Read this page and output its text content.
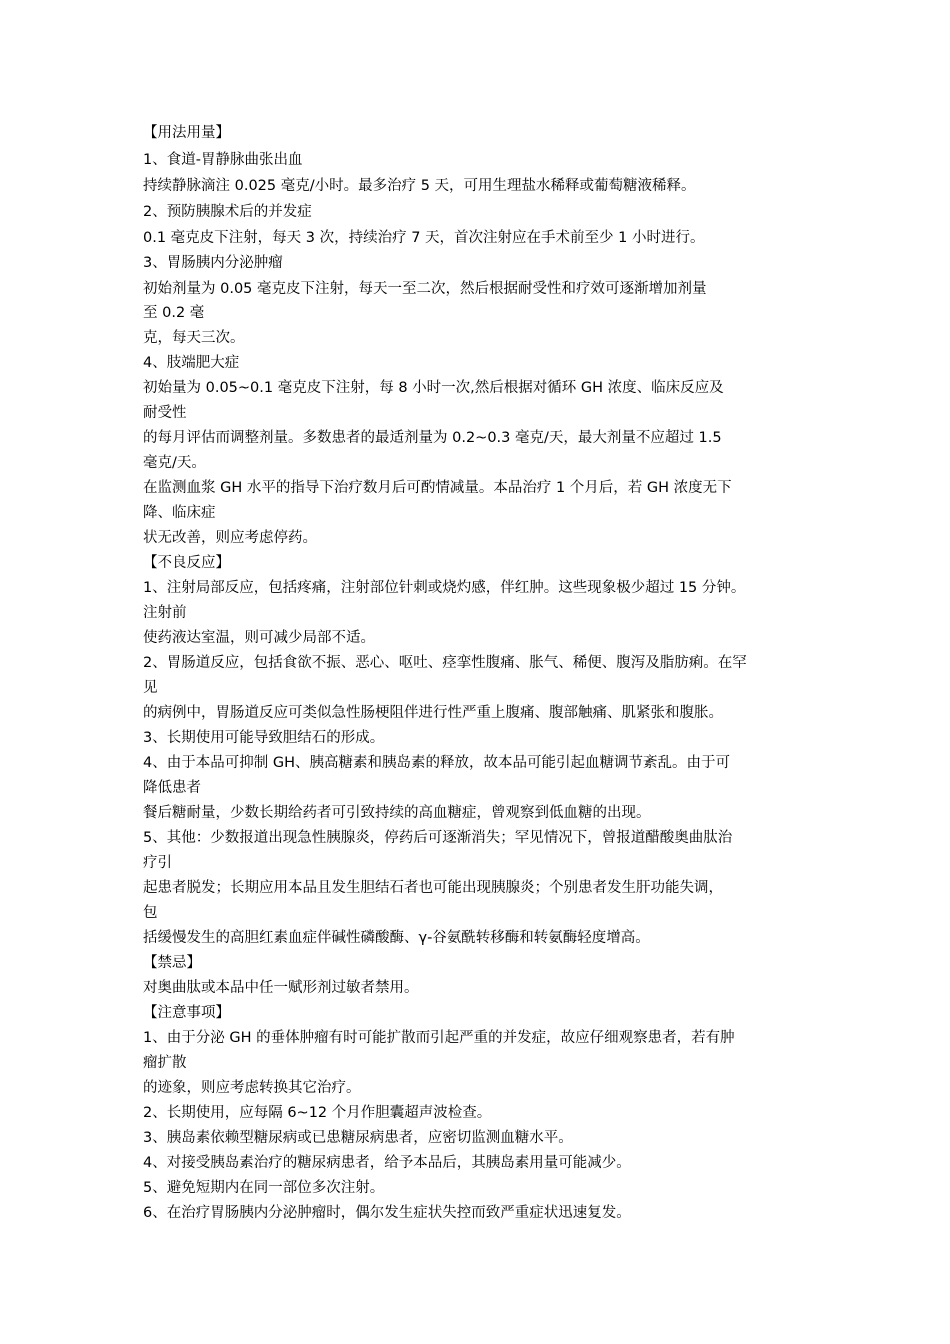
【用法用量】
1、食道-胃静脉曲张出血
持续静脉滴注 0.025 毫克/小时。最多治疗 5 天，可用生理盐水稀释或葡萄糖液稀释。
2、预防胰腺术后的并发症
0.1 毫克皮下注射，每天 3 次，持续治疗 7 天，首次注射应在手术前至少 1 小时进行。
3、胃肠胰内分泌肿瘤
初始剂量为 0.05 毫克皮下注射，每天一至二次，然后根据耐受性和疗效可逐渐增加剂量
至 0.2 毫
克，每天三次。
4、肢端肥大症
初始量为 0.05~0.1 毫克皮下注射，每 8 小时一次,然后根据对循环 GH 浓度、临床反应及
耐受性
的每月评估而调整剂量。多数患者的最适剂量为 0.2~0.3 毫克/天，最大剂量不应超过 1.5
毫克/天。
在监测血浆 GH 水平的指导下治疗数月后可酌情减量。本品治疗 1 个月后，若 GH 浓度无下
降、临床症
状无改善，则应考虑停药。
【不良反应】
1、注射局部反应，包括疼痛，注射部位针刺或烧灼感，伴红肿。这些现象极少超过 15 分钟。
注射前
使药液达室温，则可减少局部不适。
2、胃肠道反应，包括食欲不振、恶心、呕吐、痉挛性腹痛、胀气、稀便、腹泻及脂肪痢。在罕
见
的病例中，胃肠道反应可类似急性肠梗阻伴进行性严重上腹痛、腹部触痛、肌紧张和腹胀。
3、长期使用可能导致胆结石的形成。
4、由于本品可抑制 GH、胰高糖素和胰岛素的释放，故本品可能引起血糖调节紊乱。由于可
降低患者
餐后糖耐量，少数长期给药者可引致持续的高血糖症，曾观察到低血糖的出现。
5、其他：少数报道出现急性胰腺炎，停药后可逐渐消失；罕见情况下，曾报道醋酸奥曲肽治
疗引
起患者脱发；长期应用本品且发生胆结石者也可能出现胰腺炎；个别患者发生肝功能失调，
包
括缓慢发生的高胆红素血症伴碱性磷酸酶、γ-谷氨酰转移酶和转氨酶轻度增高。
【禁忌】
对奥曲肽或本品中任一赋形剂过敏者禁用。
【注意事项】
1、由于分泌 GH 的垂体肿瘤有时可能扩散而引起严重的并发症，故应仔细观察患者，若有肿
瘤扩散
的迹象，则应考虑转换其它治疗。
2、长期使用，应每隔 6~12 个月作胆囊超声波检查。
3、胰岛素依赖型糖尿病或已患糖尿病患者，应密切监测血糖水平。
4、对接受胰岛素治疗的糖尿病患者，给予本品后，其胰岛素用量可能减少。
5、避免短期内在同一部位多次注射。
6、在治疗胃肠胰内分泌肿瘤时，偶尔发生症状失控而致严重症状迅速复发。
